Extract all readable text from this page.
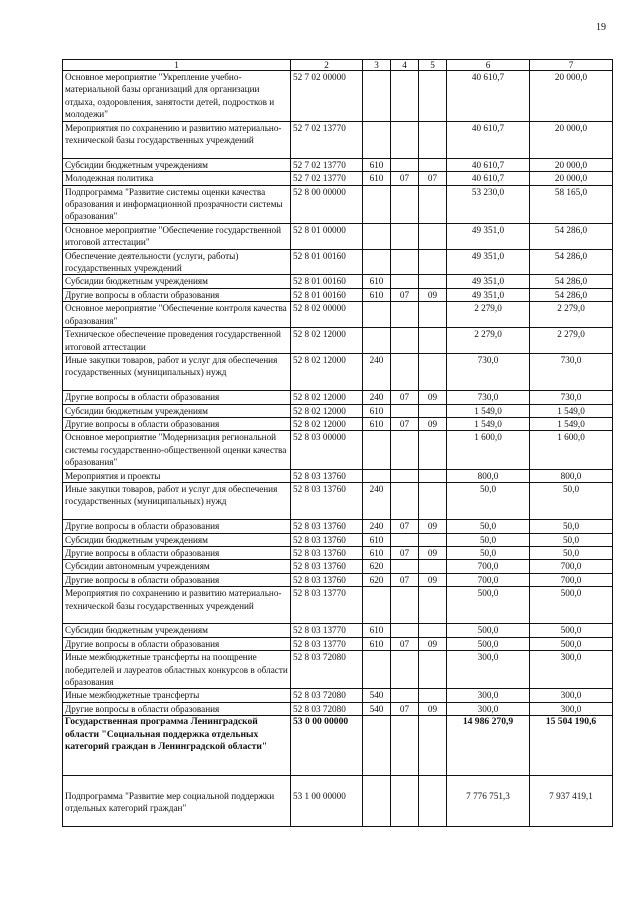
19
1	2	3	4	5	6	7
Основное мероприятие "Укрепление учебно-материальной базы организаций для организации отдыха, оздоровления, занятости детей, подростков и молодежи"	52 7 02 00000				40 610,7	20 000,0
Мероприятия по сохранению и развитию материально-технической базы государственных учреждений	52 7 02 13770				40 610,7	20 000,0
Субсидии бюджетным учреждениям	52 7 02 13770	610			40 610,7	20 000,0
Молодежная политика	52 7 02 13770	610	07	07	40 610,7	20 000,0
Подпрограмма "Развитие системы оценки качества образования и информационной прозрачности системы образования"	52 8 00 00000				53 230,0	58 165,0
Основное мероприятие "Обеспечение государственной итоговой аттестации"	52 8 01 00000				49 351,0	54 286,0
Обеспечение деятельности (услуги, работы) государственных учреждений	52 8 01 00160				49 351,0	54 286,0
Субсидии бюджетным учреждениям	52 8 01 00160	610			49 351,0	54 286,0
Другие вопросы в области образования	52 8 01 00160	610	07	09	49 351,0	54 286,0
Основное мероприятие "Обеспечение контроля качества образования"	52 8 02 00000				2 279,0	2 279,0
Техническое обеспечение проведения государственной итоговой аттестации	52 8 02 12000				2 279,0	2 279,0
Иные закупки товаров, работ и услуг для обеспечения государственных (муниципальных) нужд	52 8 02 12000	240			730,0	730,0
Другие вопросы в области образования	52 8 02 12000	240	07	09	730,0	730,0
Субсидии бюджетным учреждениям	52 8 02 12000	610			1 549,0	1 549,0
Другие вопросы в области образования	52 8 02 12000	610	07	09	1 549,0	1 549,0
Основное мероприятие "Модернизация региональной системы государственно-общественной оценки качества образования"	52 8 03 00000				1 600,0	1 600,0
Мероприятия и проекты	52 8 03 13760				800,0	800,0
Иные закупки товаров, работ и услуг для обеспечения государственных (муниципальных) нужд	52 8 03 13760	240			50,0	50,0
Другие вопросы в области образования	52 8 03 13760	240	07	09	50,0	50,0
Субсидии бюджетным учреждениям	52 8 03 13760	610			50,0	50,0
Другие вопросы в области образования	52 8 03 13760	610	07	09	50,0	50,0
Субсидии автономным учреждениям	52 8 03 13760	620			700,0	700,0
Другие вопросы в области образования	52 8 03 13760	620	07	09	700,0	700,0
Мероприятия по сохранению и развитию материально-технической базы государственных учреждений	52 8 03 13770				500,0	500,0
Субсидии бюджетным учреждениям	52 8 03 13770	610			500,0	500,0
Другие вопросы в области образования	52 8 03 13770	610	07	09	500,0	500,0
Иные межбюджетные трансферты на поощрение победителей и лауреатов областных конкурсов в области образования	52 8 03 72080				300,0	300,0
Иные межбюджетные трансферты	52 8 03 72080	540			300,0	300,0
Другие вопросы в области образования	52 8 03 72080	540	07	09	300,0	300,0
Государственная программа Ленинградской области "Социальная поддержка отдельных категорий граждан в Ленинградской области"	53 0 00 00000				14 986 270,9	15 504 190,6
Подпрограмма "Развитие мер социальной поддержки отдельных категорий граждан"	53 1 00 00000				7 776 751,3	7 937 419,1
